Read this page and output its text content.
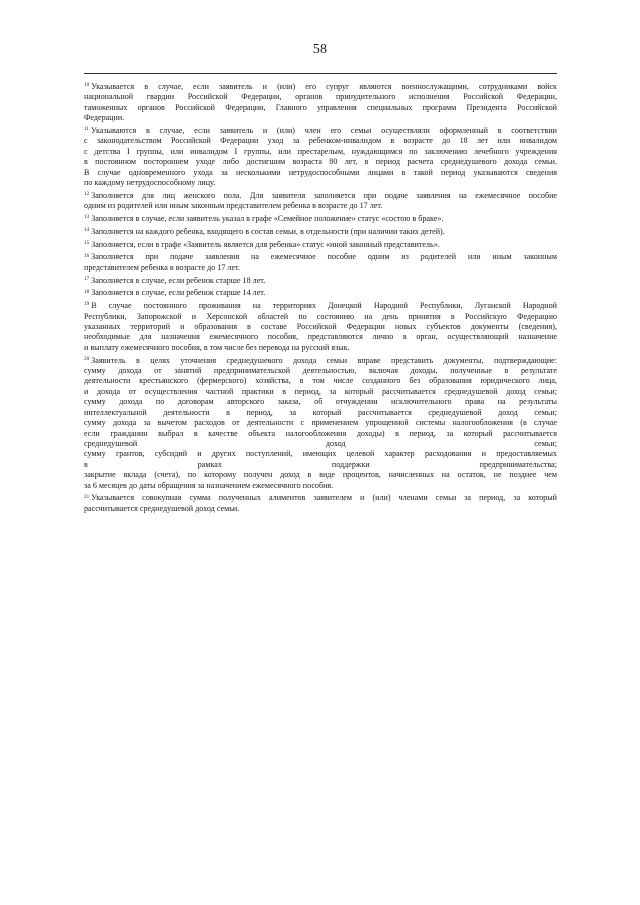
58
$^{10}$ Указывается в случае, если заявитель и (или) его супруг являются военнослужащими, сотрудниками войск
национальной гвардии Российской Федерации, органов принудительного исполнения Российской Федерации,
таможенных органов Российской Федерации, Главного управления специальных программ Президента Российской
Федерации.
$^{11}$ Указываются в случае, если заявитель и (или) член его семьи осуществляли оформленный в соответствии
с законодательством Российской Федерации уход за ребенком-инвалидом в возрасте до 18 лет или инвалидом
с детства I группы, или инвалидом I группы, или престарелым, нуждающимся по заключению лечебного учреждения
в постоянном постороннем уходе либо достигшим возраста 80 лет, в период расчета среднедушевого дохода семьи.
В случае одновременного ухода за несколькими нетрудоспособными лицами в такой период указываются сведения
по каждому нетрудоспособному лицу.
$^{12}$ Заполняется для лиц женского пола. Для заявителя заполняется при подаче заявления на ежемесячное пособие
одним из родителей или иным законным представителем ребенка в возрасте до 17 лет.
$^{13}$ Заполняется в случае, если заявитель указал в графе «Семейное положение» статус «состою в браке».
$^{14}$ Заполняется на каждого ребенка, входящего в состав семьи, в отдельности (при наличии таких детей).
$^{15}$ Заполняется, если в графе «Заявитель является для ребенка» статус «иной законный представитель».
$^{16}$ Заполняется при подаче заявления на ежемесячное пособие одним из родителей или иным законным
представителем ребенка в возрасте до 17 лет.
$^{17}$ Заполняется в случае, если ребенок старше 18 лет.
$^{18}$ Заполняется в случае, если ребенок старше 14 лет.
$^{19}$ В случае постоянного проживания на территориях Донецкой Народной Республики, Луганской Народной
Республики, Запорожской и Херсонской областей по состоянию на день принятия в Российскую Федерацию
указанных территорий и образования в составе Российской Федерации новых субъектов документы (сведения),
необходимые для назначения ежемесячного пособия, представляются лично в орган, осуществляющий назначение
и выплату ежемесячного пособия, в том числе без перевода на русский язык.
$^{20}$ Заявитель в целях уточнения среднедушевого дохода семьи вправе представить документы, подтверждающие:
сумму дохода от занятий предпринимательской деятельностью, включая доходы, полученные в результате
деятельности крестьянского (фермерского) хозяйства, в том числе созданного без образования юридического лица,
и дохода от осуществления частной практики в период, за который рассчитывается среднедушевой доход семьи;
сумму дохода по договорам авторского заказа, об отчуждении исключительного права на результаты
интеллектуальной деятельности в период, за который рассчитывается среднедушевой доход семьи;
сумму дохода за вычетом расходов от деятельности с применением упрощенной системы налогообложения (в случае
если гражданин выбрал в качестве объекта налогообложения доходы) в период, за который рассчитывается
среднедушевой доход семьи;
сумму грантов, субсидий и других поступлений, имеющих целевой характер расходования и предоставляемых
в рамках поддержки предпринимательства;
закрытие вклада (счета), по которому получен доход в виде процентов, начисленных на остаток, не позднее чем
за 6 месяцев до даты обращения за назначением ежемесячного пособия.
$^{21}$ Указывается совокупная сумма полученных алиментов заявителем и (или) членами семьи за период, за который
рассчитывается среднедушевой доход семьи.
